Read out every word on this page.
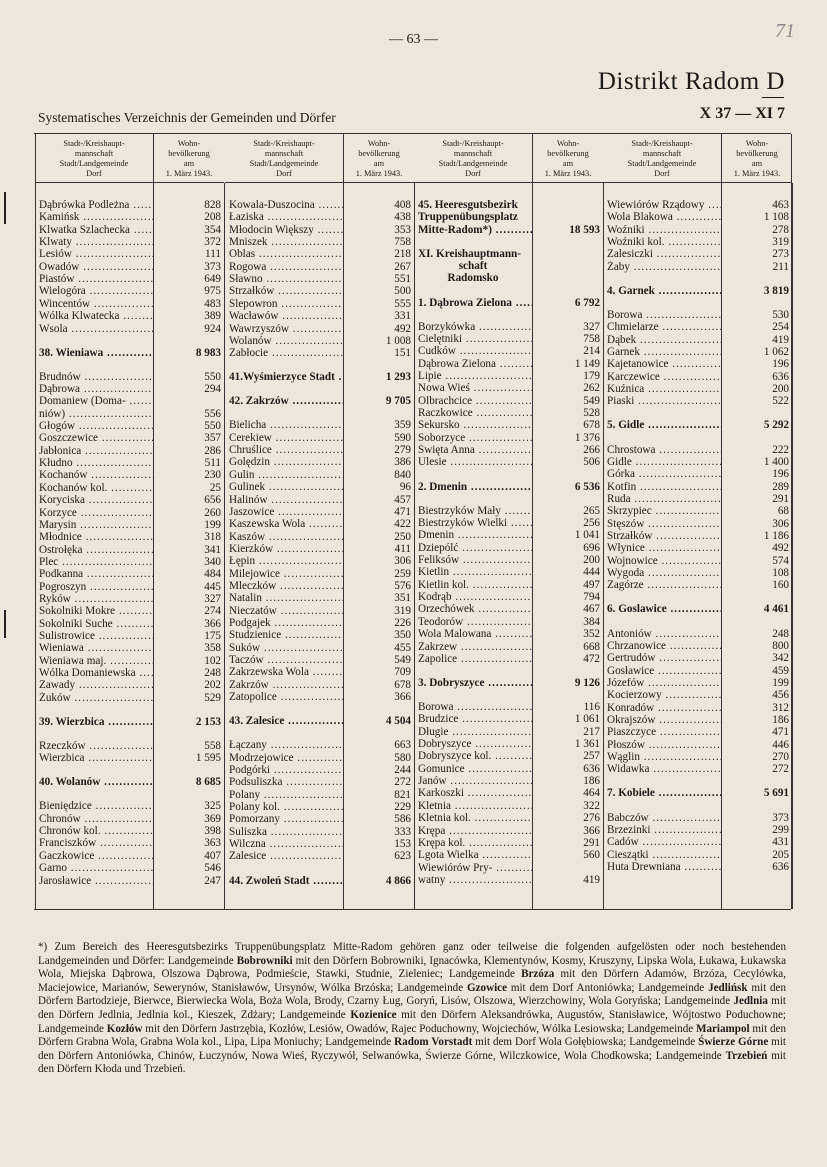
— 63 —	71
Distrikt Radom D
Systematisches Verzeichnis der Gemeinden und Dörfer	X 37 — XI 7
Stadt-/Kreishaupt-
mannschaft
Stadt/Landgemeinde
Dorf
Wohn-
bevölkerung
am
1. März 1943.
Dąbrówka Podleżna .....	828
Kamińsk .....	208
Klwatka Szlachecka .....	354
Klwaty .....	372
Lesiów .....	111
Owadów .....	373
Piastów .....	649
Wielogóra .....	975
Wincentów .....	483
Wólka Klwatecka .....	389
Wsola .....	924
38. Wieniawa .....	8 983
Brudnów .....	550
Dąbrowa .....	294
Domaniew (Doma- .....
niów) .....	556
Głogów .....	550
Goszczewice .....	357
Jabłonica .....	286
Kłudno .....	511
Kochanów .....	230
Kochanów kol. .....	25
Koryciska .....	656
Korzyce .....	260
Marysin .....	199
Młodnice .....	318
Ostrołęka .....	341
Plec .....	340
Podkanna .....	484
Pogroszyn .....	445
Ryków .....	327
Sokolniki Mokre .....	274
Sokolniki Suche .....	366
Sulistrowice .....	175
Wieniawa .....	358
Wieniawa maj. .....	102
Wólka Domaniewska .....	248
Zawady .....	202
Żuków .....	529
39. Wierzbica .....	2 153
Rzeczków .....	558
Wierzbica .....	1 595
40. Wolanów .....	8 685
Bieniędzice .....	325
Chronów .....	369
Chronów kol. .....	398
Franciszków .....	363
Gaczkowice .....	407
Garno .....	546
Jarosławice .....	247
Stadt-/Kreishaupt-
mannschaft
Stadt/Landgemeinde
Dorf
Wohn-
bevölkerung
am
1. März 1943.
Kowala-Duszocina .....	408
Łaziska .....	438
Młodocin Większy .....	353
Mniszek .....	758
Oblas .....	218
Rogowa .....	267
Sławno .....	551
Strzałków .....	500
Ślepowron .....	555
Wacławów .....	331
Wawrzyszów .....	492
Wolanów .....	1 008
Zabłocie .....	151
41.Wyśmierzyce Stadt .....	1 293
42. Zakrzów .....	9 705
Bielicha .....	359
Cerekiew .....	590
Chruślice .....	279
Golędzin .....	386
Gulin .....	840
Gulinek .....	96
Halinów .....	457
Jaszowice .....	471
Kaszewska Wola .....	422
Kaszów .....	250
Kierzków .....	411
Łępin .....	306
Milejowice .....	259
Mleczków .....	576
Natalin .....	351
Nieczatów .....	319
Podgajek .....	226
Studzienice .....	350
Suków .....	455
Taczów .....	549
Zakrzewska Wola .....	709
Zakrzów .....	678
Zatopolice .....	366
43. Zalesice .....	4 504
Łączany .....	663
Modrzejowice .....	580
Podgórki .....	244
Podsuliszka .....	272
Polany .....	821
Polany kol. .....	229
Pomorzany .....	586
Suliszka .....	333
Wilczna .....	153
Zalesice .....	623
44. Zwoleń Stadt .....	4 866
Stadt-/Kreishaupt-
mannschaft
Stadt/Landgemeinde
Dorf
Wohn-
bevölkerung
am
1. März 1943.
45. Heeresgutsbezirk
Truppenübungsplatz
Mitte-Radom*) .....	18 593
XI. Kreishauptmann-
schaft
Radomsko
1. Dąbrowa Zielona .....	6 792
Borzykówka .....	327
Cielętniki .....	758
Cudków .....	214
Dąbrowa Zielona .....	1 149
Lipie .....	179
Nowa Wieś .....	262
Olbrachcice .....	549
Raczkowice .....	528
Sekursko .....	678
Soborzyce .....	1 376
Święta Anna .....	266
Ulesie .....	506
2. Dmenin .....	6 536
Biestrzyków Mały .....	265
Biestrzyków Wielki .....	256
Dmenin .....	1 041
Dziepólć .....	696
Feliksów .....	200
Kietlin .....	444
Kietlin kol. .....	497
Kodrąb .....	794
Orzechówek .....	467
Teodorów .....	384
Wola Malowana .....	352
Zakrzew .....	668
Zapolice .....	472
3. Dobryszyce .....	9 126
Borowa .....	116
Brudzice .....	1 061
Długie .....	217
Dobryszyce .....	1 361
Dobryszyce kol. .....	257
Gomunice .....	636
Janów .....	186
Karkoszki .....	464
Kletnia .....	322
Kletnia kol. .....	276
Krępa .....	366
Krępa kol. .....	291
Lgota Wielka .....	560
Wiewiórów Pry- .....
watny .....	419
Stadt-/Kreishaupt-
mannschaft
Stadt/Landgemeinde
Dorf
Wohn-
bevölkerung
am
1. März 1943.
Wiewiórów Rządowy .....	463
Wola Blakowa .....	1 108
Woźniki .....	278
Woźniki kol. .....	319
Zalesiczki .....	273
Żaby .....	211
4. Garnek .....	3 819
Borowa .....	530
Chmielarze .....	254
Dąbek .....	419
Garnek .....	1 062
Kajetanowice .....	196
Karczewice .....	636
Kuźnica .....	200
Piaski .....	522
5. Gidle .....	5 292
Chrostowa .....	222
Gidle .....	1 400
Górka .....	196
Kotfin .....	289
Ruda .....	291
Skrzypiec .....	68
Stęszów .....	306
Strzałków .....	1 186
Włynice .....	492
Wojnowice .....	574
Wygoda .....	108
Zagórze .....	160
6. Goslawice .....	4 461
Antoniów .....	248
Chrzanowice .....	800
Gertrudów .....	342
Gosławice .....	459
Józefów .....	199
Kocierzowy .....	456
Konradów .....	312
Okrajszów .....	186
Piaszczyce .....	471
Płoszów .....	446
Wąglin .....	270
Widawka .....	272
7. Kobiele .....	5 691
Babczów .....	373
Brzezinki .....	299
Cadów .....	431
Cieszątki .....	205
Huta Drewniana .....	636
*) Zum Bereich des Heeresgutsbezirks Truppenübungsplatz Mitte-Radom gehören ganz oder teilweise die folgenden aufgelösten oder noch bestehenden Landgemeinden und Dörfer: Landgemeinde Bobrowniki mit den Dörfern Bobrowniki, Ignacówka, Klementynów, Kosmy, Kruszyny, Lipska Wola, Łukawa, Łukawska Wola, Miejska Dąbrowa, Olszowa Dąbrowa, Podmieście, Stawki, Studnie, Zieleniec; Landgemeinde Brzóza mit den Dörfern Adamów, Brzóza, Cecylówka, Maciejowice, Marianów, Sewerynów, Stanisławów, Ursynów, Wólka Brzóska; Landgemeinde Gzowice mit dem Dorf Antoniówka; Landgemeinde Jedlińsk mit den Dörfern Bartodzieje, Bierwce, Bierwiecka Wola, Boża Wola, Brody, Czarny Ług, Goryń, Lisów, Olszowa, Wierzchowiny, Wola Goryńska; Landgemeinde Jedlnia mit den Dörfern Jedlnia, Jedlnia kol., Kieszek, Zdżary; Landgemeinde Kozienice mit den Dörfern Aleksandrówka, Augustów, Stanisławice, Wójtostwo Poduchowne; Landgemeinde Kozłów mit den Dörfern Jastrzębia, Kozłów, Lesiów, Owadów, Rajec Poduchowny, Wojciechów, Wólka Lesiowska; Landgemeinde Mariampol mit den Dörfern Grabna Wola, Grabna Wola kol., Lipa, Lipa Moniuchy; Landgemeinde Radom Vorstadt mit dem Dorf Wola Gołębiowska; Landgemeinde Świerze Górne mit den Dörfern Antoniówka, Chinów, Łuczynów, Nowa Wieś, Ryczywół, Selwanówka, Świerze Górne, Wilczkowice, Wola Chodkowska; Landgemeinde Trzebień mit den Dörfern Kłoda und Trzebień.
